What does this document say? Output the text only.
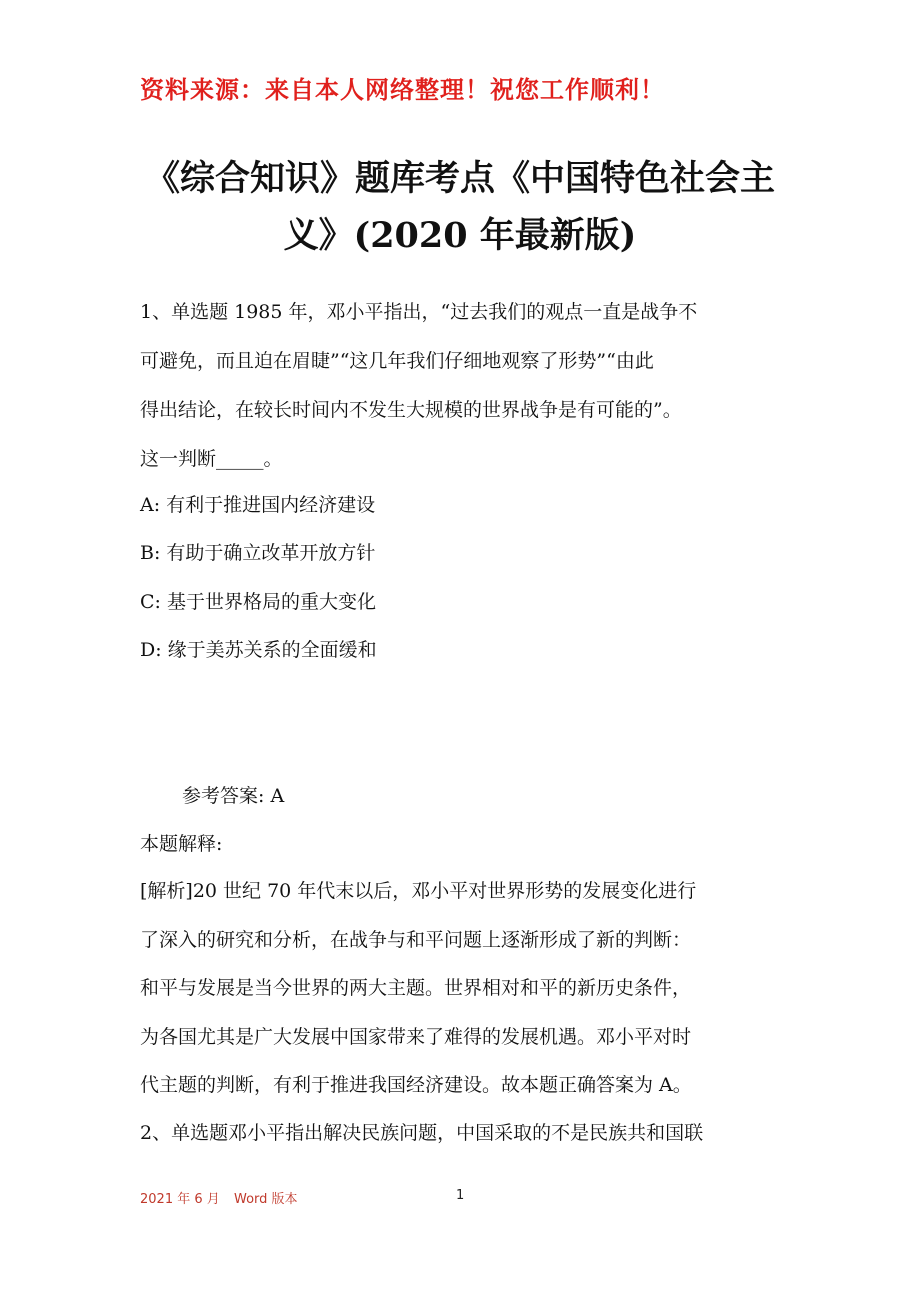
资料来源：来自本人网络整理！祝您工作顺利！
《综合知识》题库考点《中国特色社会主
义》(2020 年最新版)
1、单选题 1985 年，邓小平指出，“过去我们的观点一直是战争不
可避免，而且迫在眉睫”“这几年我们仔细地观察了形势”“由此
得出结论，在较长时间内不发生大规模的世界战争是有可能的”。
这一判断_____。
A: 有利于推进国内经济建设
B: 有助于确立改革开放方针
C: 基于世界格局的重大变化
D: 缘于美苏关系的全面缓和
参考答案: A
本题解释:
[解析]20 世纪 70 年代末以后，邓小平对世界形势的发展变化进行
了深入的研究和分析，在战争与和平问题上逐渐形成了新的判断：
和平与发展是当今世界的两大主题。世界相对和平的新历史条件，
为各国尤其是广大发展中国家带来了难得的发展机遇。邓小平对时
代主题的判断，有利于推进我国经济建设。故本题正确答案为 A。
2、单选题邓小平指出解决民族问题，中国采取的不是民族共和国联
2021 年 6 月 Word 版本	1
